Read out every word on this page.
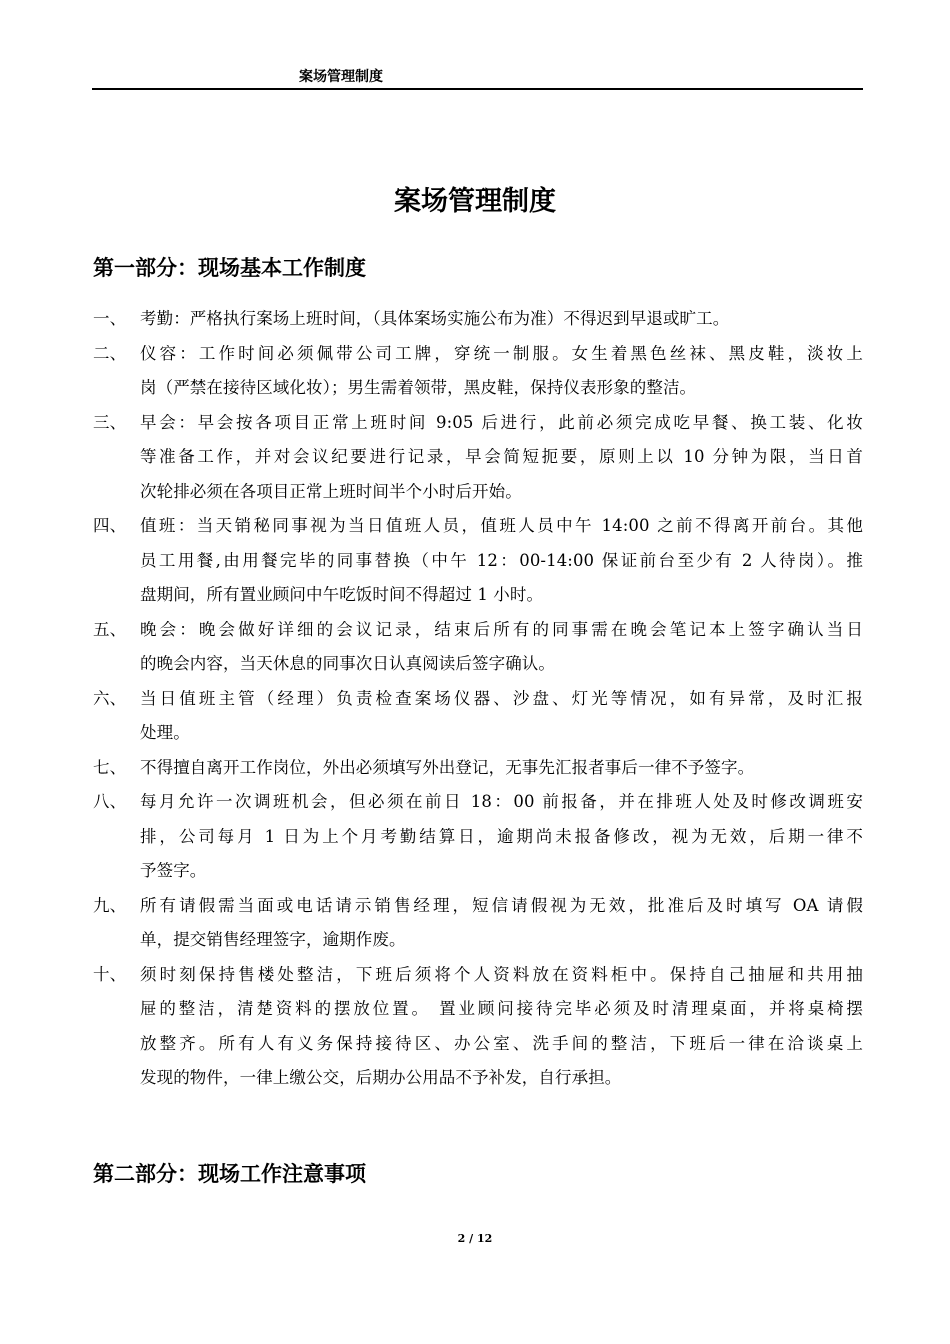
案场管理制度
案场管理制度
第一部分：现场基本工作制度
一、 考勤：严格执行案场上班时间，（具体案场实施公布为准）不得迟到早退或旷工。
二、 仪容：工作时间必须佩带公司工牌，穿统一制服。女生着黑色丝袜、黑皮鞋，淡妆上
岗（严禁在接待区域化妆）；男生需着领带，黑皮鞋，保持仪表形象的整洁。
三、 早会：早会按各项目正常上班时间 9:05 后进行，此前必须完成吃早餐、换工装、化妆
等准备工作，并对会议纪要进行记录，早会简短扼要，原则上以 10 分钟为限，当日首
次轮排必须在各项目正常上班时间半个小时后开始。
四、 值班：当天销秘同事视为当日值班人员，值班人员中午 14:00 之前不得离开前台。其他
员工用餐,由用餐完毕的同事替换（中午 12：00-14:00 保证前台至少有 2 人待岗）。推
盘期间，所有置业顾问中午吃饭时间不得超过 1 小时。
五、 晚会：晚会做好详细的会议记录，结束后所有的同事需在晚会笔记本上签字确认当日
的晚会内容，当天休息的同事次日认真阅读后签字确认。
六、 当日值班主管（经理）负责检查案场仪器、沙盘、灯光等情况，如有异常，及时汇报
处理。
七、 不得擅自离开工作岗位，外出必须填写外出登记，无事先汇报者事后一律不予签字。
八、 每月允许一次调班机会，但必须在前日 18：00 前报备，并在排班人处及时修改调班安
排，公司每月 1 日为上个月考勤结算日，逾期尚未报备修改，视为无效，后期一律不
予签字。
九、 所有请假需当面或电话请示销售经理，短信请假视为无效，批准后及时填写 OA 请假
单，提交销售经理签字，逾期作废。
十、 须时刻保持售楼处整洁，下班后须将个人资料放在资料柜中。保持自己抽屉和共用抽
屉的整洁，清楚资料的摆放位置。 置业顾问接待完毕必须及时清理桌面，并将桌椅摆
放整齐。所有人有义务保持接待区、办公室、洗手间的整洁，下班后一律在洽谈桌上
发现的物件，一律上缴公交，后期办公用品不予补发，自行承担。
第二部分：现场工作注意事项
2 / 12
